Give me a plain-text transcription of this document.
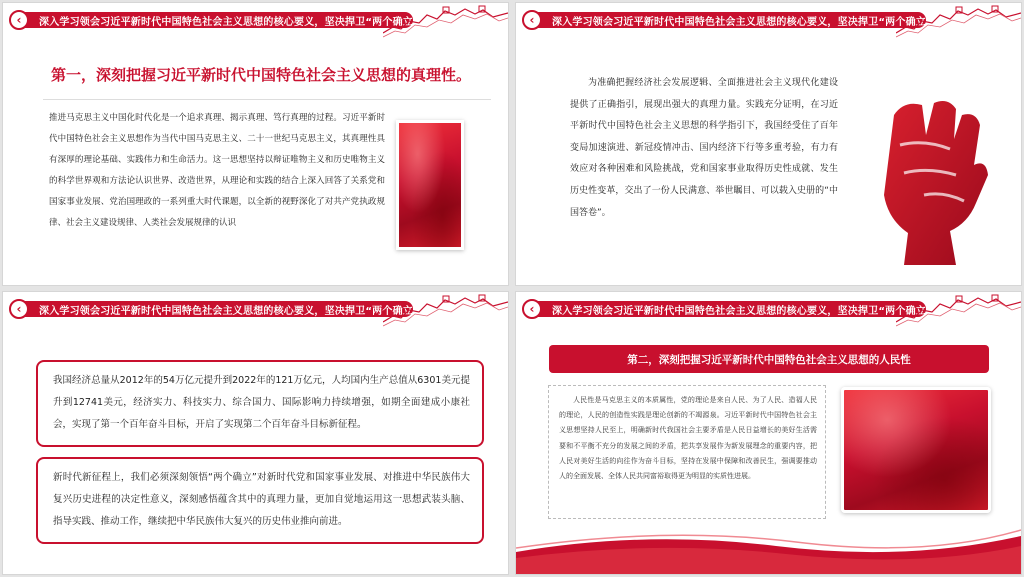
深入学习领会习近平新时代中国特色社会主义思想的核心要义，坚决捍卫“两个确立”
‹
第一，深刻把握习近平新时代中国特色社会主义思想的真理性。
推进马克思主义中国化时代化是一个追求真理、揭示真理、笃行真理的过程。习近平新时代中国特色社会主义思想作为当代中国马克思主义、二十一世纪马克思主义，其真理性具有深厚的理论基础、实践伟力和生命活力。这一思想坚持以辩证唯物主义和历史唯物主义的科学世界观和方法论认识世界、改造世界，从理论和实践的结合上深入回答了关系党和国家事业发展、党治国理政的一系列重大时代课题，以全新的视野深化了对共产党执政规律、社会主义建设规律、人类社会发展规律的认识
深入学习领会习近平新时代中国特色社会主义思想的核心要义，坚决捍卫“两个确立”
‹
为准确把握经济社会发展逻辑、全面推进社会主义现代化建设提供了正确指引，展现出强大的真理力量。实践充分证明，在习近平新时代中国特色社会主义思想的科学指引下，我国经受住了百年变局加速演进、新冠疫情冲击、国内经济下行等多重考验，有力有效应对各种困难和风险挑战，党和国家事业取得历史性成就、发生历史性变革，交出了一份人民满意、举世瞩目、可以载入史册的“中国答卷”。
深入学习领会习近平新时代中国特色社会主义思想的核心要义，坚决捍卫“两个确立”
‹

我国经济总量从2012年的54万亿元提升到2022年的121万亿元，人均国内生产总值从6301美元提升到12741美元，经济实力、科技实力、综合国力、国际影响力持续增强，如期全面建成小康社会，实现了第一个百年奋斗目标，开启了实现第二个百年奋斗目标新征程。

新时代新征程上，我们必须深刻领悟“两个确立”对新时代党和国家事业发展、对推进中华民族伟大复兴历史进程的决定性意义，深刻感悟蕴含其中的真理力量，更加自觉地运用这一思想武装头脑、指导实践、推动工作，继续把中华民族伟大复兴的历史伟业推向前进。

深入学习领会习近平新时代中国特色社会主义思想的核心要义，坚决捍卫“两个确立”
‹
第二，深刻把握习近平新时代中国特色社会主义思想的人民性

人民性是马克思主义的本质属性，党的理论是来自人民、为了人民、造福人民的理论，人民的创造性实践是理论创新的不竭源泉。习近平新时代中国特色社会主义思想坚持人民至上，明确新时代我国社会主要矛盾是人民日益增长的美好生活需要和不平衡不充分的发展之间的矛盾，把共享发展作为新发展理念的重要内容，把人民对美好生活的向往作为奋斗目标，坚持在发展中保障和改善民生，强调要推动人的全面发展、全体人民共同富裕取得更为明显的实质性进展。
